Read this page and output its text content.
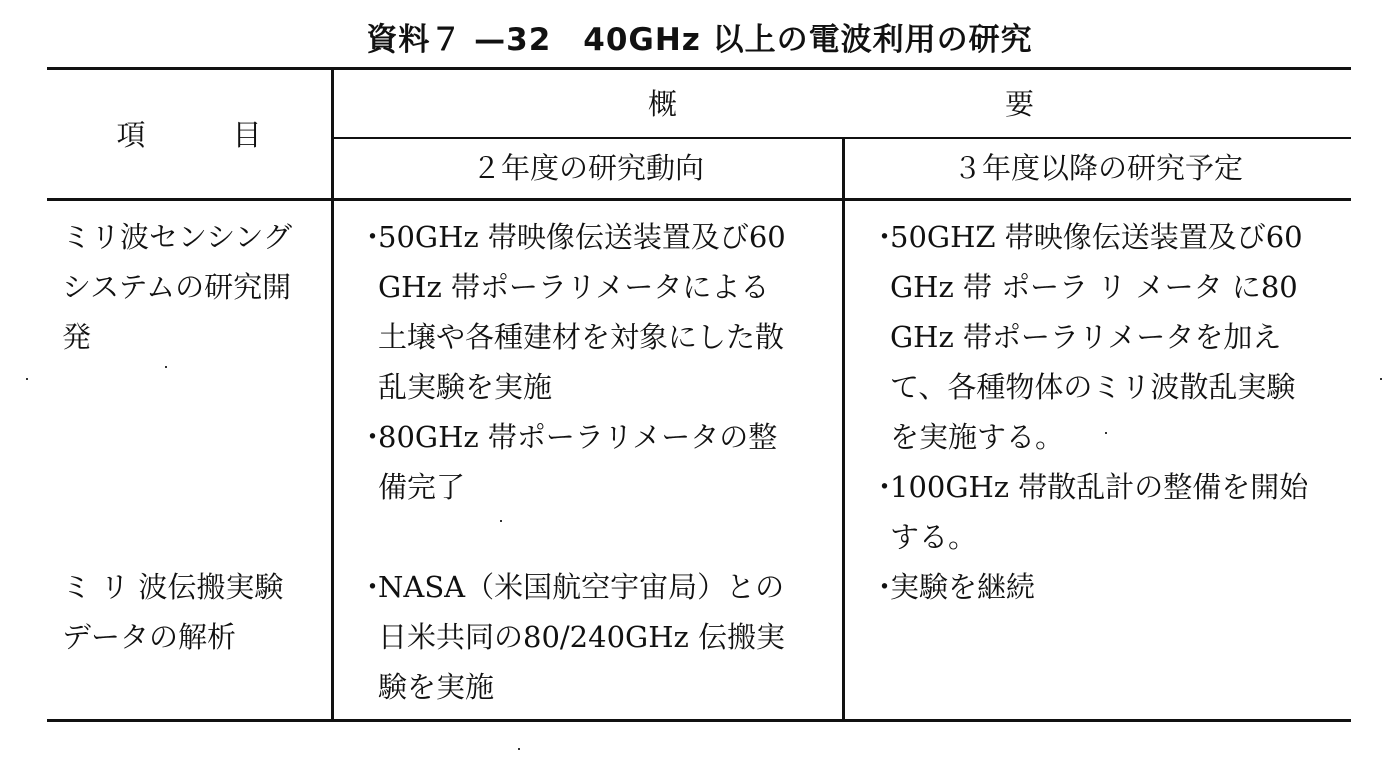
資料７ —32　40GHz 以上の電波利用の研究
項　　　目
概	要
２年度の研究動向	３年度以降の研究予定
ミリ波センシング
システムの研究開
発
・ 50GHz 帯映像伝送装置及び60
GHz 帯ポーラリメータによる
土壌や各種建材を対象にした散
乱実験を実施
・ 80GHz 帯ポーラリメータの整
備完了
・ 50GHZ 帯映像伝送装置及び60
GHz 帯 ポーラ リ メータ に80
GHz 帯ポーラリメータを加え
て、各種物体のミリ波散乱実験
を実施する。
・ 100GHz 帯散乱計の整備を開始
する。
ミ リ 波伝搬実験
データの解析
・ NASA（米国航空宇宙局）との
日米共同の80/240GHz 伝搬実
験を実施
・ 実験を継続
